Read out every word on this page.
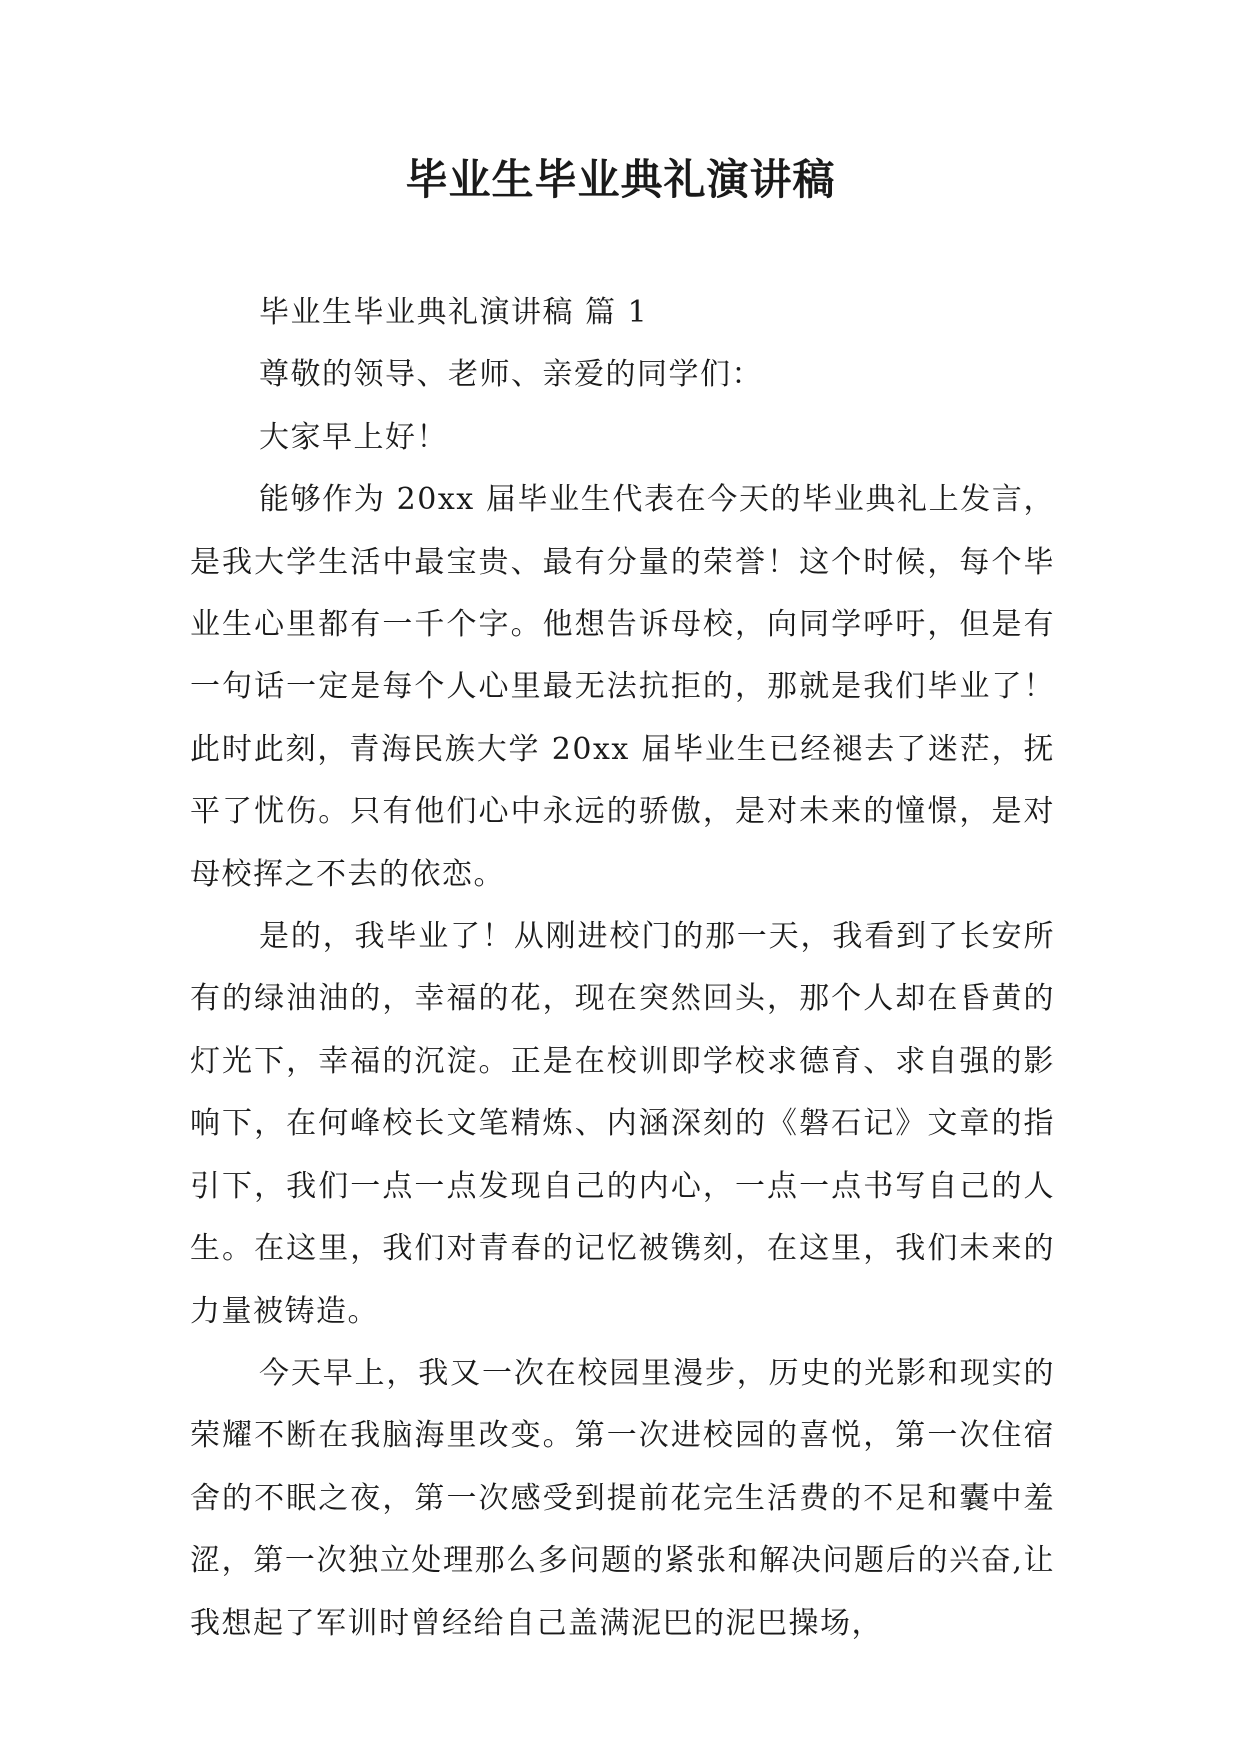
毕业生毕业典礼演讲稿

毕业生毕业典礼演讲稿 篇 1

尊敬的领导、老师、亲爱的同学们：

大家早上好！

能够作为 20xx 届毕业生代表在今天的毕业典礼上发言，是我大学生活中最宝贵、最有分量的荣誉！这个时候，每个毕业生心里都有一千个字。他想告诉母校，向同学呼吁，但是有一句话一定是每个人心里最无法抗拒的，那就是我们毕业了！此时此刻，青海民族大学 20xx 届毕业生已经褪去了迷茫，抚平了忧伤。只有他们心中永远的骄傲，是对未来的憧憬，是对母校挥之不去的依恋。

是的，我毕业了！从刚进校门的那一天，我看到了长安所有的绿油油的，幸福的花，现在突然回头，那个人却在昏黄的灯光下，幸福的沉淀。正是在校训即学校求德育、求自强的影响下，在何峰校长文笔精炼、内涵深刻的《磐石记》文章的指引下，我们一点一点发现自己的内心，一点一点书写自己的人生。在这里，我们对青春的记忆被镌刻，在这里，我们未来的力量被铸造。

今天早上，我又一次在校园里漫步，历史的光影和现实的荣耀不断在我脑海里改变。第一次进校园的喜悦，第一次住宿舍的不眠之夜，第一次感受到提前花完生活费的不足和囊中羞涩，第一次独立处理那么多问题的紧张和解决问题后的兴奋,让我想起了军训时曾经给自己盖满泥巴的泥巴操场，
